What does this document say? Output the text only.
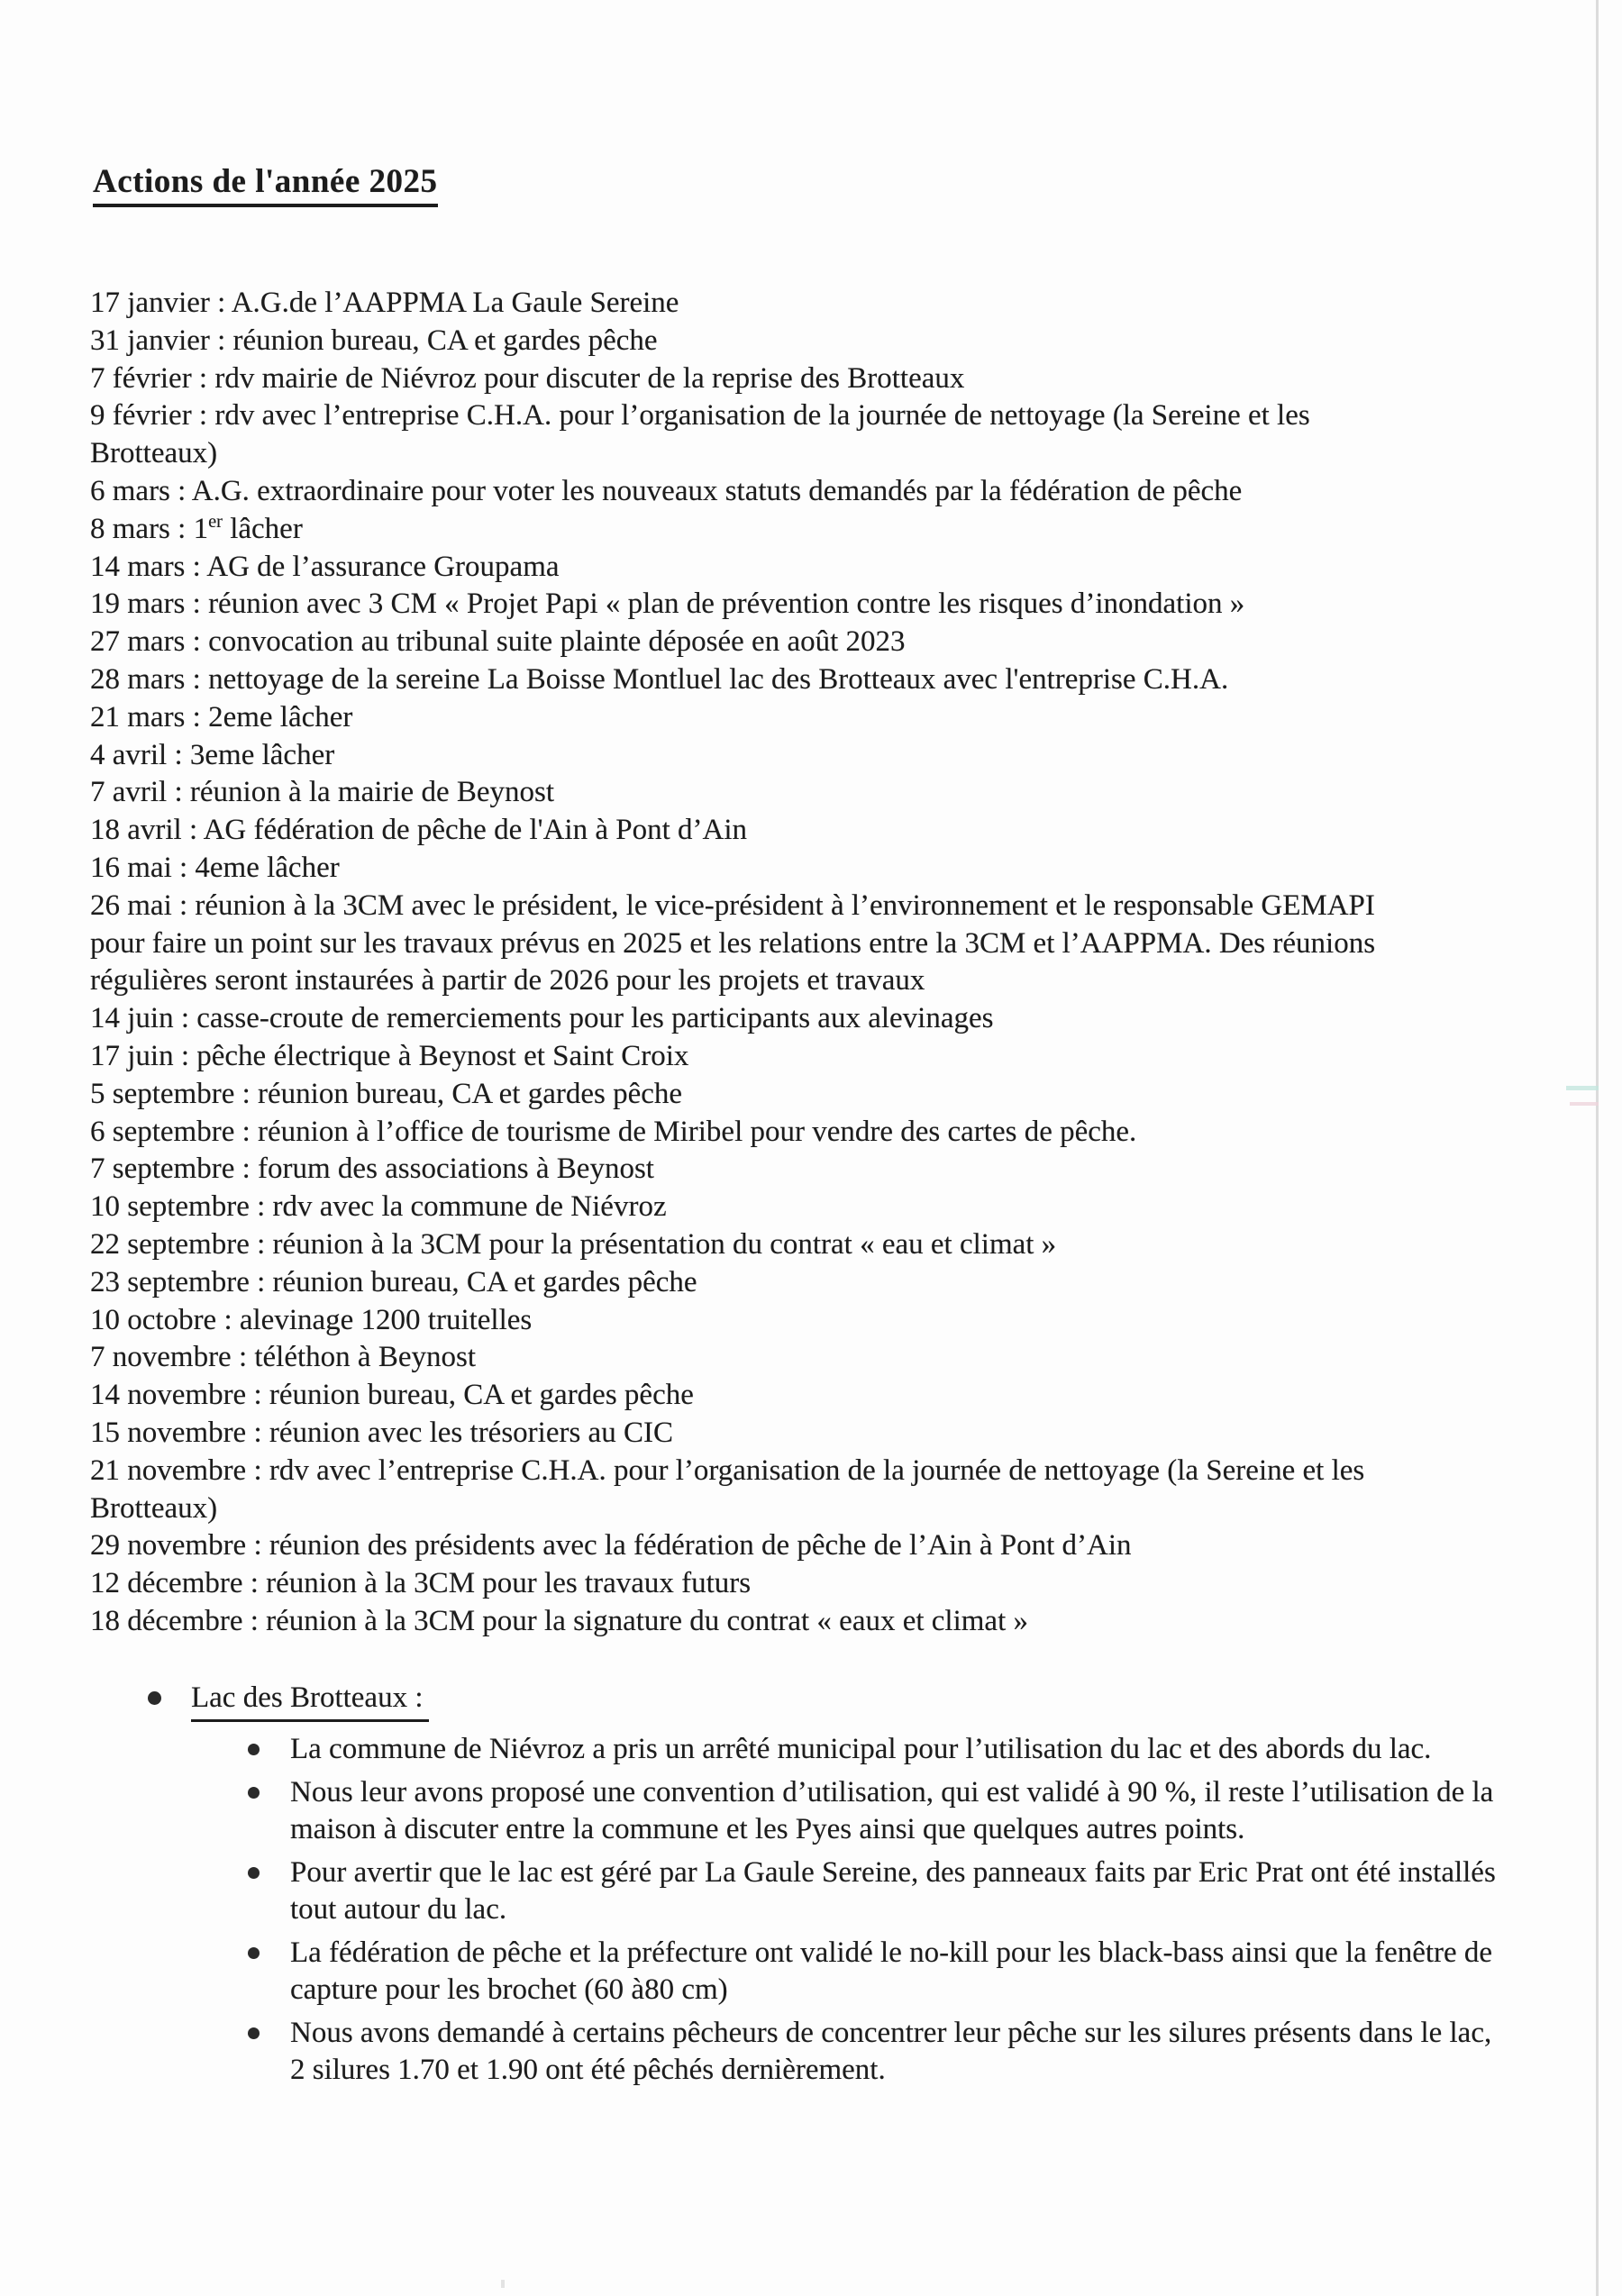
Actions de l'année 2025
17 janvier : A.G.de l’AAPPMA La Gaule Sereine
31 janvier : réunion bureau, CA et gardes pêche
7 février : rdv mairie de Niévroz pour discuter de la reprise des Brotteaux
9 février : rdv avec l’entreprise C.H.A. pour l’organisation de la journée de nettoyage (la Sereine et les
Brotteaux)
6 mars : A.G. extraordinaire pour voter les nouveaux statuts demandés par la fédération de pêche
8 mars : 1er lâcher
14 mars : AG de l’assurance Groupama
19 mars : réunion avec 3 CM « Projet Papi « plan de prévention contre les risques d’inondation »
27 mars : convocation au tribunal suite plainte déposée en août 2023
28 mars : nettoyage de la sereine La Boisse Montluel lac des Brotteaux avec l'entreprise C.H.A.
21 mars : 2eme lâcher
4 avril : 3eme lâcher
7 avril : réunion à la mairie de Beynost
18 avril : AG fédération de pêche de l'Ain à Pont d’Ain
16 mai : 4eme lâcher
26 mai : réunion à la 3CM avec le président, le vice-président à l’environnement et le responsable GEMAPI
pour faire un point sur les travaux prévus en 2025 et les relations entre la 3CM et l’AAPPMA. Des réunions
régulières seront instaurées à partir de 2026 pour les projets et travaux
14 juin : casse-croute de remerciements pour les participants aux alevinages
17 juin : pêche électrique à Beynost et Saint Croix
5 septembre : réunion bureau, CA et gardes pêche
6 septembre : réunion à l’office de tourisme de Miribel pour vendre des cartes de pêche.
7 septembre : forum des associations à Beynost
10 septembre : rdv avec la commune de Niévroz
22 septembre : réunion à la 3CM pour la présentation du contrat « eau et climat »
23 septembre : réunion bureau, CA et gardes pêche
10 octobre : alevinage 1200 truitelles
7 novembre : téléthon à Beynost
14 novembre : réunion bureau, CA et gardes pêche
15 novembre : réunion avec les trésoriers au CIC
21 novembre : rdv avec l’entreprise C.H.A. pour l’organisation de la journée de nettoyage (la Sereine et les
Brotteaux)
29 novembre : réunion des présidents avec la fédération de pêche de l’Ain à Pont d’Ain
12 décembre : réunion à la 3CM pour les travaux futurs
18 décembre : réunion à la 3CM pour la signature du contrat « eaux et climat »
Lac des Brotteaux :
La commune de Niévroz a pris un arrêté municipal pour l’utilisation du lac et des abords du lac.
Nous leur avons proposé une convention d’utilisation, qui est validé à 90 %, il reste l’utilisation de la maison à discuter entre la commune et les Pyes ainsi que quelques autres points.
Pour avertir que le lac est géré par La Gaule Sereine, des panneaux faits par Eric Prat ont été installés tout autour du lac.
La fédération de pêche et la préfecture ont validé le no-kill pour les black-bass ainsi que la fenêtre de capture pour les brochet (60 à80 cm)
Nous avons demandé à certains pêcheurs de concentrer leur pêche sur les silures présents dans le lac, 2 silures 1.70 et 1.90 ont été pêchés dernièrement.
